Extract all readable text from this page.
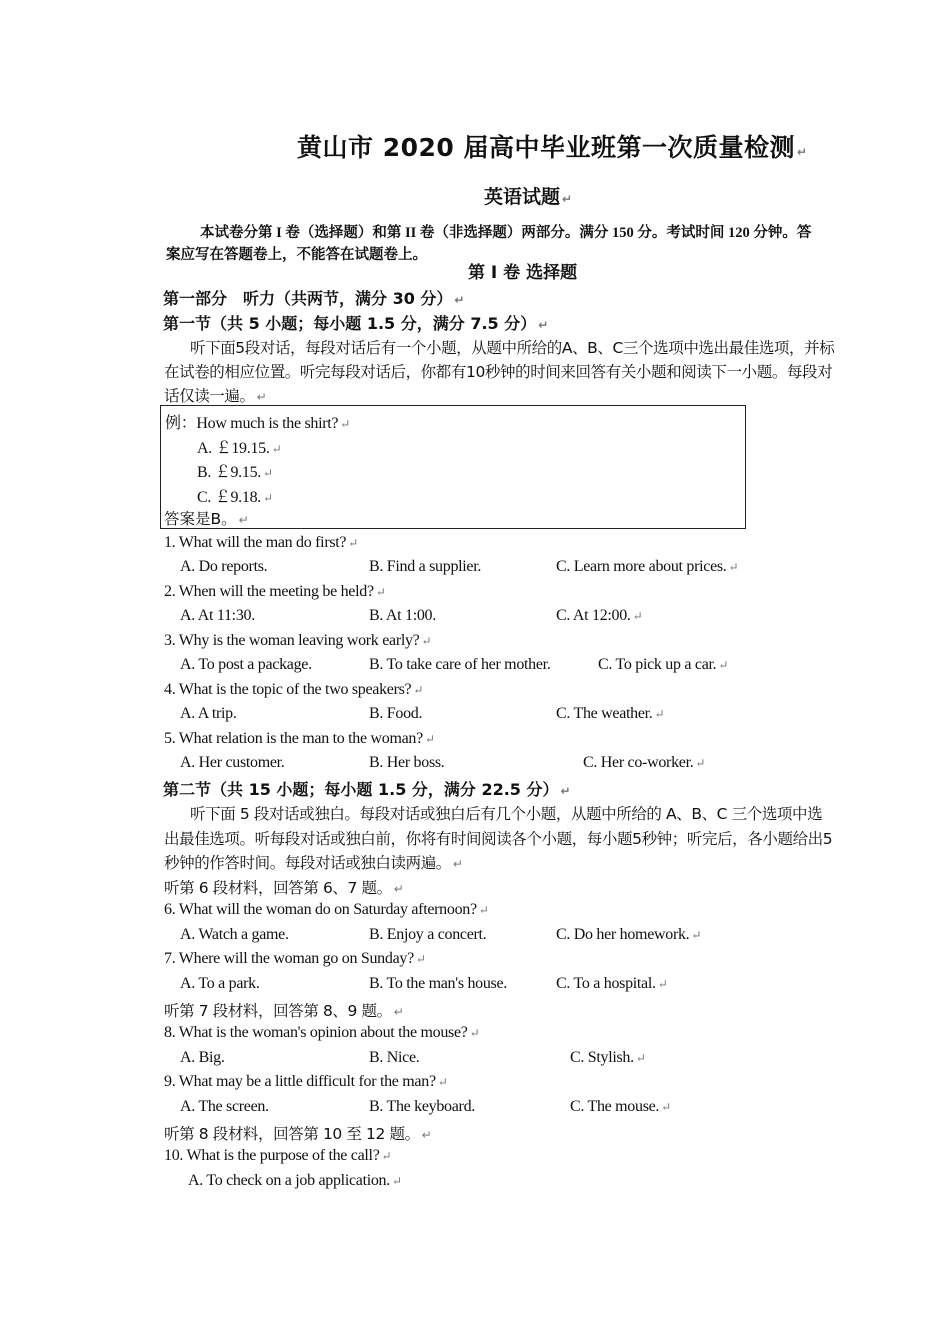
黄山市 2020 届高中毕业班第一次质量检测 ↵
英语试题 ↵
本试卷分第 I 卷（选择题）和第 II 卷（非选择题）两部分。满分 150 分。考试时间 120 分钟。答
案应写在答题卷上，不能答在试题卷上。
第 I 卷 选择题
第一部分　听力（共两节，满分 30 分） ↵
第一节（共 5 小题；每小题 1.5 分，满分 7.5 分） ↵
听下面5段对话，每段对话后有一个小题，从题中所给的A、B、C三个选项中选出最佳选项，并标
在试卷的相应位置。听完每段对话后，你都有10秒钟的时间来回答有关小题和阅读下一小题。每段对
话仅读一遍。 ↵
例：How much is the shirt? ↵
A. ￡19.15. ↵
B. ￡9.15. ↵
C. ￡9.18. ↵
答案是B。 ↵
1. What will the man do first? ↵
A. Do reports.	B. Find a supplier.	C. Learn more about prices. ↵
2. When will the meeting be held? ↵
A. At 11:30.	B. At 1:00.	C. At 12:00. ↵
3. Why is the woman leaving work early? ↵
A. To post a package.	B. To take care of her mother.	C. To pick up a car. ↵
4. What is the topic of the two speakers? ↵
A. A trip.	B. Food.	C. The weather. ↵
5. What relation is the man to the woman? ↵
A. Her customer.	B. Her boss.	C. Her co-worker. ↵
第二节（共 15 小题；每小题 1.5 分，满分 22.5 分） ↵
听下面 5 段对话或独白。每段对话或独白后有几个小题，从题中所给的 A、B、C 三个选项中选
出最佳选项。听每段对话或独白前，你将有时间阅读各个小题，每小题5秒钟；听完后，各小题给出5
秒钟的作答时间。每段对话或独白读两遍。 ↵
听第 6 段材料，回答第 6、7 题。 ↵
6. What will the woman do on Saturday afternoon? ↵
A. Watch a game.	B. Enjoy a concert.	C. Do her homework. ↵
7. Where will the woman go on Sunday? ↵
A. To a park.	B. To the man's house.	C. To a hospital. ↵
听第 7 段材料，回答第 8、9 题。 ↵
8. What is the woman's opinion about the mouse? ↵
A. Big.	B. Nice.	C. Stylish. ↵
9. What may be a little difficult for the man? ↵
A. The screen.	B. The keyboard.	C. The mouse. ↵
听第 8 段材料，回答第 10 至 12 题。 ↵
10. What is the purpose of the call? ↵
A. To check on a job application. ↵
